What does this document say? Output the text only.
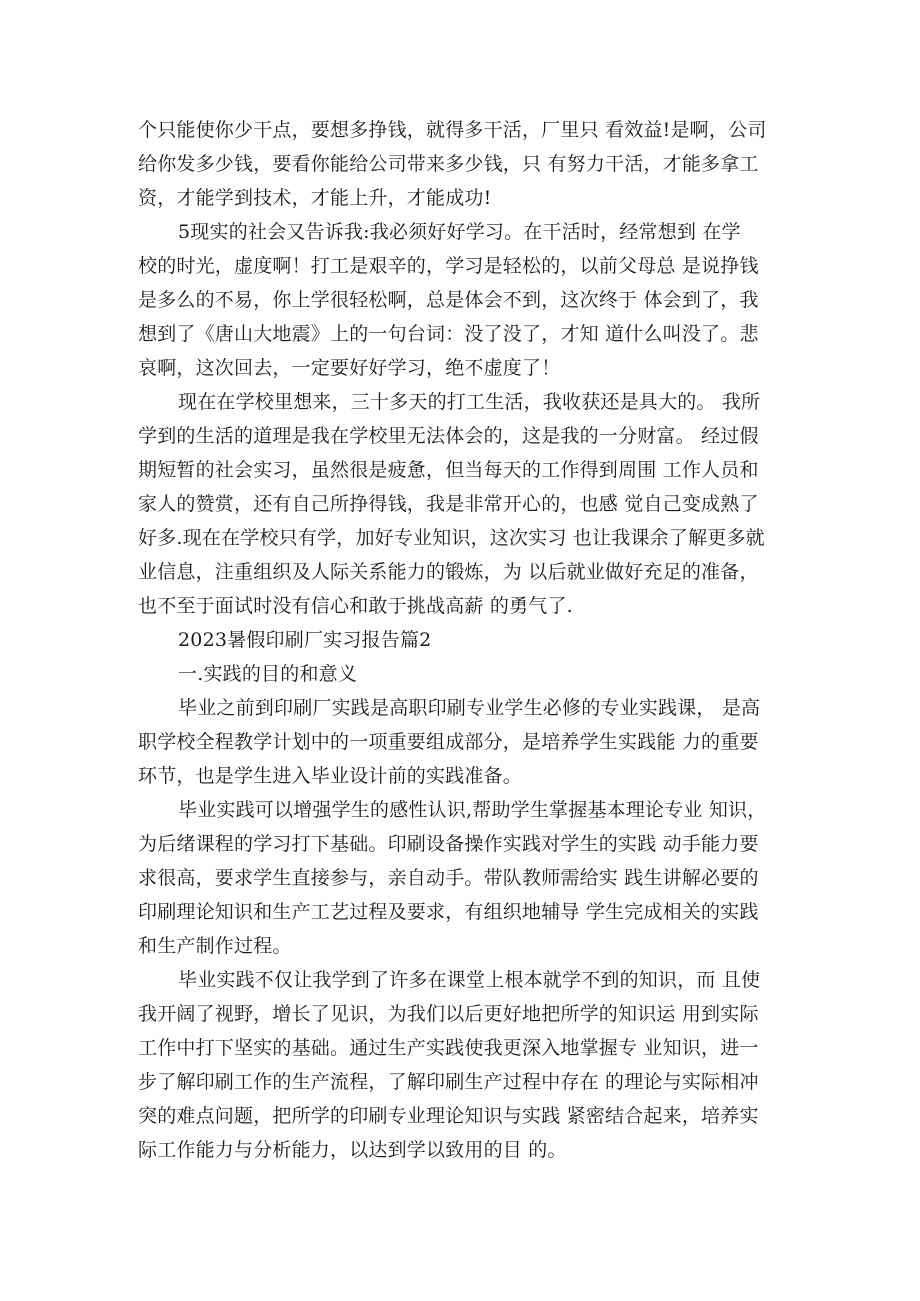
个只能使你少干点，要想多挣钱，就得多干活，厂里只 看效益!是啊，公司
给你发多少钱，要看你能给公司带来多少钱，只 有努力干活，才能多拿工
资，才能学到技术，才能上升，才能成功!
5现实的社会又告诉我:我必须好好学习。在干活时，经常想到 在学
校的时光，虚度啊！打工是艰辛的，学习是轻松的，以前父母总 是说挣钱
是多么的不易，你上学很轻松啊，总是体会不到，这次终于 体会到了，我
想到了《唐山大地震》上的一句台词：没了没了，才知 道什么叫没了。悲
哀啊，这次回去，一定要好好学习，绝不虚度了！
现在在学校里想来，三十多天的打工生活，我收获还是具大的。 我所
学到的生活的道理是我在学校里无法体会的，这是我的一分财富。 经过假
期短暂的社会实习，虽然很是疲惫，但当每天的工作得到周围 工作人员和
家人的赞赏，还有自己所挣得钱，我是非常开心的，也感 觉自己变成熟了
好多.现在在学校只有学，加好专业知识，这次实习 也让我课余了解更多就
业信息，注重组织及人际关系能力的锻炼，为 以后就业做好充足的准备，
也不至于面试时没有信心和敢于挑战高薪 的勇气了.
2023暑假印刷厂实习报告篇2
一.实践的目的和意义
毕业之前到印刷厂实践是高职印刷专业学生必修的专业实践课， 是高
职学校全程教学计划中的一项重要组成部分，是培养学生实践能 力的重要
环节，也是学生进入毕业设计前的实践准备。
毕业实践可以增强学生的感性认识,帮助学生掌握基本理论专业 知识，
为后绪课程的学习打下基础。印刷设备操作实践对学生的实践 动手能力要
求很高，要求学生直接参与，亲自动手。带队教师需给实 践生讲解必要的
印刷理论知识和生产工艺过程及要求，有组织地辅导 学生完成相关的实践
和生产制作过程。
毕业实践不仅让我学到了许多在课堂上根本就学不到的知识，而 且使
我开阔了视野，增长了见识，为我们以后更好地把所学的知识运 用到实际
工作中打下坚实的基础。通过生产实践使我更深入地掌握专 业知识，进一
步了解印刷工作的生产流程，了解印刷生产过程中存在 的理论与实际相冲
突的难点问题，把所学的印刷专业理论知识与实践 紧密结合起来，培养实
际工作能力与分析能力，以达到学以致用的目 的。
